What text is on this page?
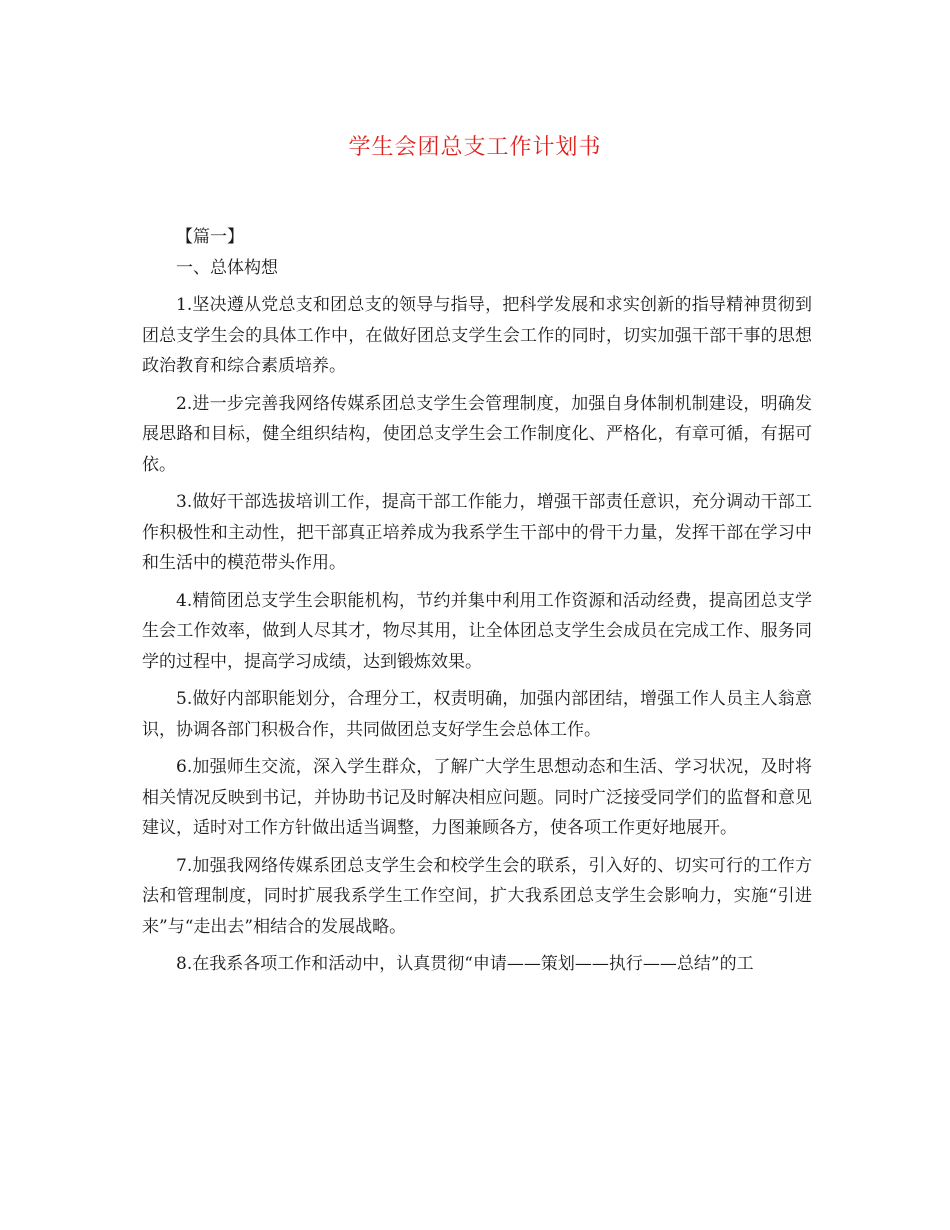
学生会团总支工作计划书

【篇一】

一、总体构想

1.坚决遵从党总支和团总支的领导与指导，把科学发展和求实创新的指导精神贯彻到团总支学生会的具体工作中，在做好团总支学生会工作的同时，切实加强干部干事的思想政治教育和综合素质培养。

2.进一步完善我网络传媒系团总支学生会管理制度，加强自身体制机制建设，明确发展思路和目标，健全组织结构，使团总支学生会工作制度化、严格化，有章可循，有据可依。

3.做好干部选拔培训工作，提高干部工作能力，增强干部责任意识，充分调动干部工作积极性和主动性，把干部真正培养成为我系学生干部中的骨干力量，发挥干部在学习中和生活中的模范带头作用。

4.精简团总支学生会职能机构，节约并集中利用工作资源和活动经费，提高团总支学生会工作效率，做到人尽其才，物尽其用，让全体团总支学生会成员在完成工作、服务同学的过程中，提高学习成绩，达到锻炼效果。

5.做好内部职能划分，合理分工，权责明确，加强内部团结，增强工作人员主人翁意识，协调各部门积极合作，共同做团总支好学生会总体工作。

6.加强师生交流，深入学生群众，了解广大学生思想动态和生活、学习状况，及时将相关情况反映到书记，并协助书记及时解决相应问题。同时广泛接受同学们的监督和意见建议，适时对工作方针做出适当调整，力图兼顾各方，使各项工作更好地展开。

7.加强我网络传媒系团总支学生会和校学生会的联系，引入好的、切实可行的工作方法和管理制度，同时扩展我系学生工作空间，扩大我系团总支学生会影响力，实施“引进来”与“走出去”相结合的发展战略。

8.在我系各项工作和活动中，认真贯彻“申请——策划——执行——总结”的工
